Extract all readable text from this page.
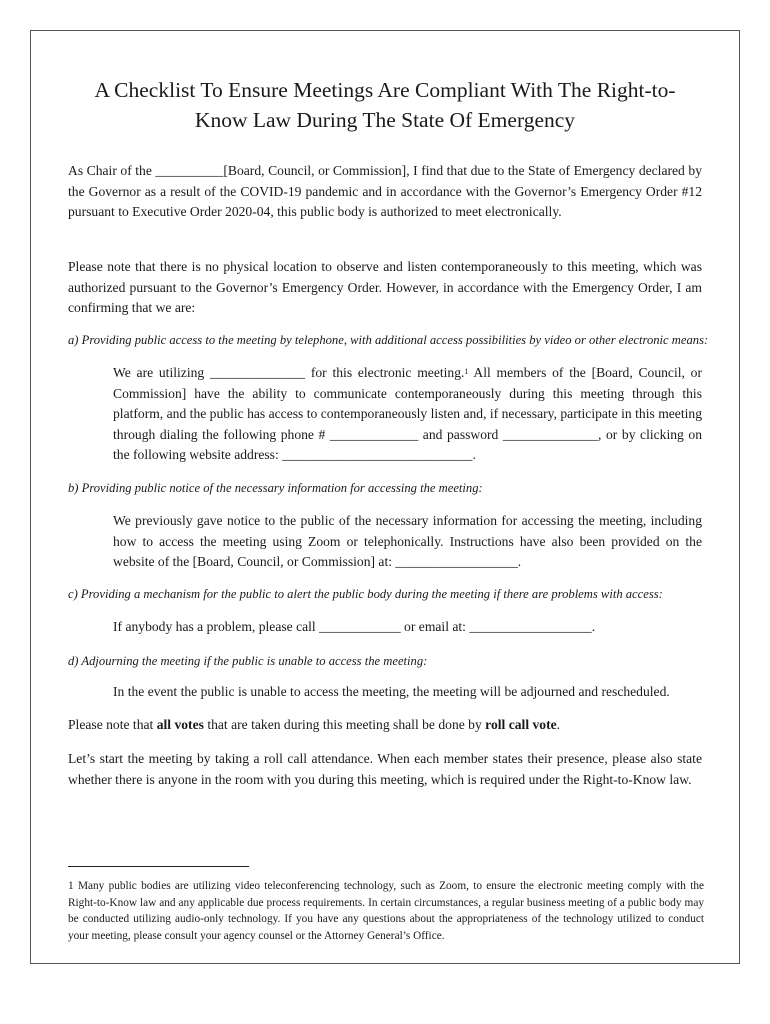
A Checklist To Ensure Meetings Are Compliant With The Right-to-Know Law During The State Of Emergency

As Chair of the __________[Board, Council, or Commission], I find that due to the State of Emergency declared by the Governor as a result of the COVID-19 pandemic and in accordance with the Governor’s Emergency Order #12 pursuant to Executive Order 2020-04, this public body is authorized to meet electronically.

Please note that there is no physical location to observe and listen contemporaneously to this meeting, which was authorized pursuant to the Governor’s Emergency Order. However, in accordance with the Emergency Order, I am confirming that we are:

a) Providing public access to the meeting by telephone, with additional access possibilities by video or other electronic means:

We are utilizing ______________ for this electronic meeting.$^1$ All members of the [Board, Council, or Commission] have the ability to communicate contemporaneously during this meeting through this platform, and the public has access to contemporaneously listen and, if necessary, participate in this meeting through dialing the following phone # _____________ and password ______________, or by clicking on the following website address: ____________________________.

b) Providing public notice of the necessary information for accessing the meeting:

We previously gave notice to the public of the necessary information for accessing the meeting, including how to access the meeting using Zoom or telephonically. Instructions have also been provided on the website of the [Board, Council, or Commission] at: __________________.

c) Providing a mechanism for the public to alert the public body during the meeting if there are problems with access:

If anybody has a problem, please call ____________ or email at: __________________.

d) Adjourning the meeting if the public is unable to access the meeting:

In the event the public is unable to access the meeting, the meeting will be adjourned and rescheduled.

Please note that all votes that are taken during this meeting shall be done by roll call vote.

Let’s start the meeting by taking a roll call attendance. When each member states their presence, please also state whether there is anyone in the room with you during this meeting, which is required under the Right-to-Know law.

1 Many public bodies are utilizing video teleconferencing technology, such as Zoom, to ensure the electronic meeting comply with the Right-to-Know law and any applicable due process requirements. In certain circumstances, a regular business meeting of a public body may be conducted utilizing audio-only technology. If you have any questions about the appropriateness of the technology utilized to conduct your meeting, please consult your agency counsel or the Attorney General’s Office.
